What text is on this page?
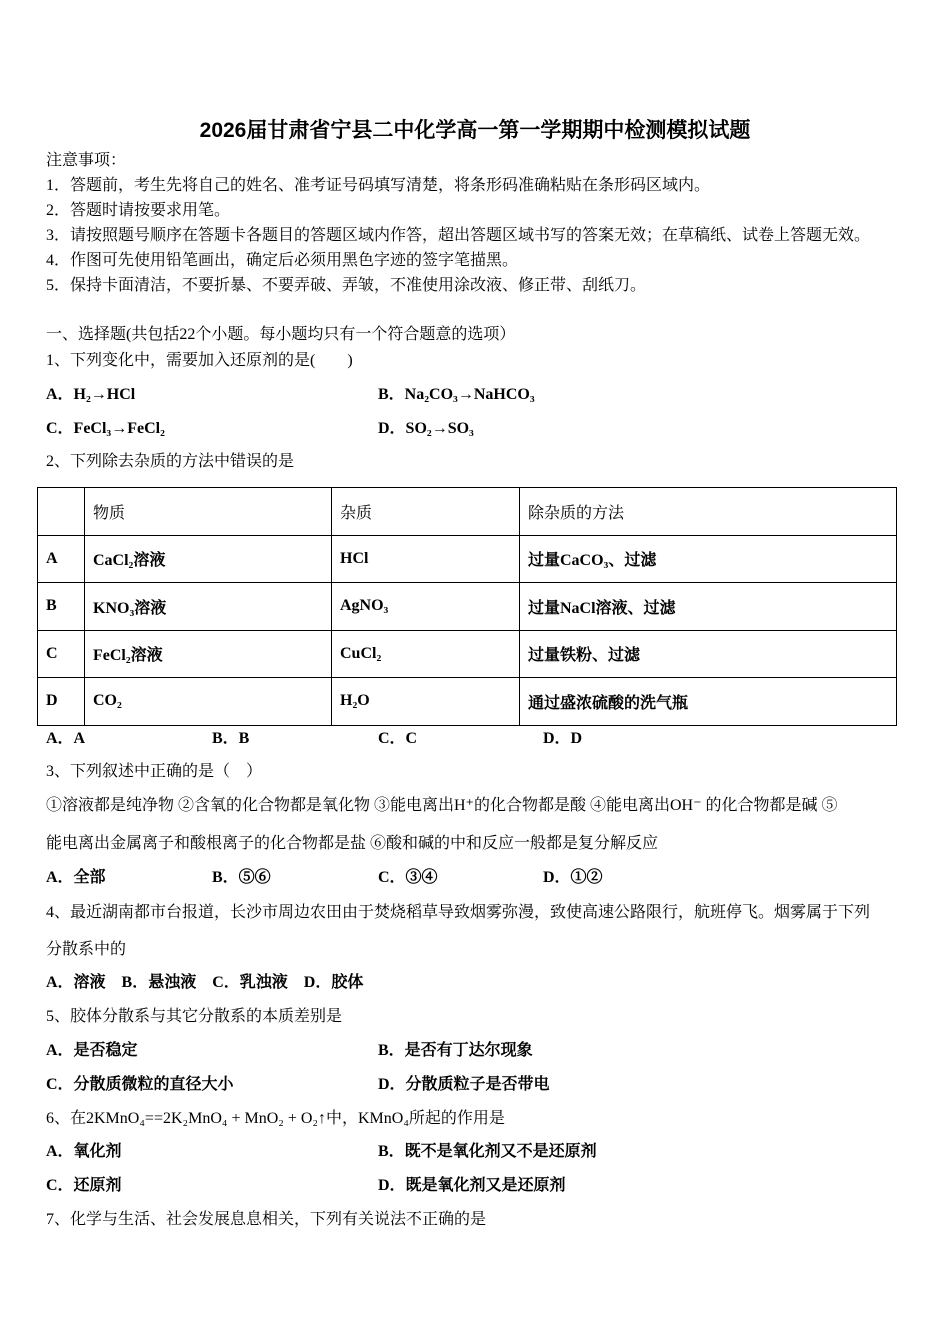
2026届甘肃省宁县二中化学高一第一学期期中检测模拟试题
注意事项：
1．答题前，考生先将自己的姓名、准考证号码填写清楚，将条形码准确粘贴在条形码区域内。
2．答题时请按要求用笔。
3．请按照题号顺序在答题卡各题目的答题区域内作答，超出答题区域书写的答案无效；在草稿纸、试卷上答题无效。
4．作图可先使用铅笔画出，确定后必须用黑色字迹的签字笔描黑。
5．保持卡面清洁，不要折暴、不要弄破、弄皱，不准使用涂改液、修正带、刮纸刀。
一、选择题(共包括22个小题。每小题均只有一个符合题意的选项）
1、下列变化中，需要加入还原剂的是(　　)
A．H₂→HCl	B．Na₂CO₃→NaHCO₃
C．FeCl₃→FeCl₂	D．SO₂→SO₃
2、下列除去杂质的方法中错误的是
	物质	杂质	除杂质的方法
A	CaCl₂溶液	HCl	过量CaCO₃、过滤
B	KNO₃溶液	AgNO₃	过量NaCl溶液、过滤
C	FeCl₂溶液	CuCl₂	过量铁粉、过滤
D	CO₂	H₂O	通过盛浓硫酸的洗气瓶
A．A	B．B	C．C	D．D
3、下列叙述中正确的是（　）
①溶液都是纯净物 ②含氧的化合物都是氧化物 ③能电离出H⁺的化合物都是酸 ④能电离出OH⁻ 的化合物都是碱 ⑤
能电离出金属离子和酸根离子的化合物都是盐 ⑥酸和碱的中和反应一般都是复分解反应
A．全部	B．⑤⑥	C．③④	D．①②
4、最近湖南都市台报道，长沙市周边农田由于焚烧稻草导致烟雾弥漫，致使高速公路限行，航班停飞。烟雾属于下列
分散系中的
A．溶液　B．悬浊液　C．乳浊液　D．胶体
5、胶体分散系与其它分散系的本质差别是
A．是否稳定	B．是否有丁达尔现象
C．分散质微粒的直径大小	D．分散质粒子是否带电
6、在2KMnO₄==2K₂MnO₄ + MnO₂ + O₂↑中，KMnO₄所起的作用是
A．氧化剂	B．既不是氧化剂又不是还原剂
C．还原剂	D．既是氧化剂又是还原剂
7、化学与生活、社会发展息息相关，下列有关说法不正确的是
